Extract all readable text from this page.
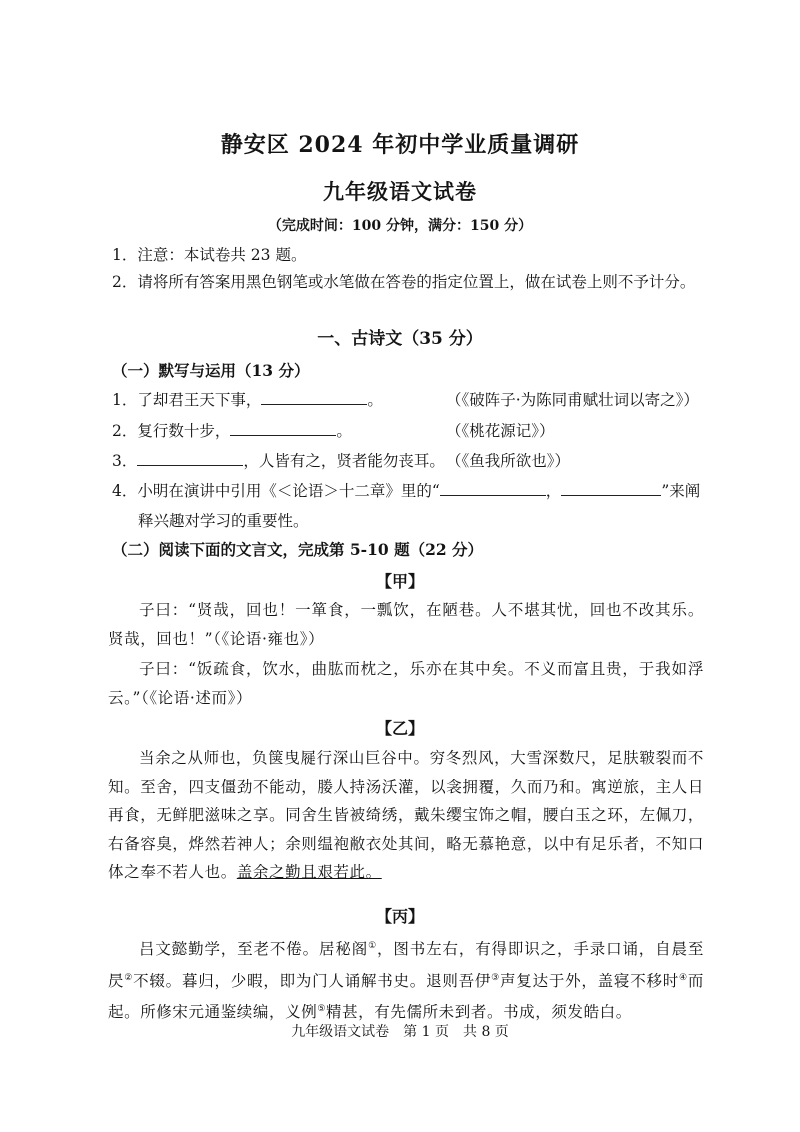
静安区 2024 年初中学业质量调研
九年级语文试卷
（完成时间：100 分钟，满分：150 分）
1．注意：本试卷共 23 题。
2．请将所有答案用黑色钢笔或水笔做在答卷的指定位置上，做在试卷上则不予计分。
一、古诗文（35 分）
（一）默写与运用（13 分）
1．了却君王天下事，	。	（《破阵子·为陈同甫赋壮词以寄之》）
2．复行数十步，	。	（《桃花源记》）
3．	，人皆有之，贤者能勿丧耳。 （《鱼我所欲也》）
4．小明在演讲中引用《＜论语＞十二章》里的“	，	”来阐
释兴趣对学习的重要性。
（二）阅读下面的文言文，完成第 5-10 题（22 分）
【甲】
子曰：“贤哉，回也！一箪食，一瓢饮，在陋巷。人不堪其忧，回也不改其乐。贤哉，回也！”（《论语·雍也》）
子曰：“饭疏食，饮水，曲肱而枕之，乐亦在其中矣。不义而富且贵，于我如浮云。”（《论语·述而》）
【乙】
当余之从师也，负箧曳屣行深山巨谷中。穷冬烈风，大雪深数尺，足肤皲裂而不知。至舍，四支僵劲不能动，媵人持汤沃灌，以衾拥覆，久而乃和。寓逆旅，主人日再食，无鲜肥滋味之享。同舍生皆被绮绣，戴朱缨宝饰之帽，腰白玉之环，左佩刀，右备容臭，烨然若神人；余则缊袍敝衣处其间，略无慕艳意，以中有足乐者，不知口体之奉不若人也。盖余之勤且艰若此。
【丙】
吕文懿勤学，至老不倦。居秘阁①，图书左右，有得即识之，手录口诵，自晨至昃②不辍。暮归，少暇，即为门人诵解书史。退则吾伊③声复达于外，盖寝不移时④而起。所修宋元通鉴续编，义例⑤精甚，有先儒所未到者。书成，须发皓白。
九年级语文试卷　第 1 页　共 8 页
